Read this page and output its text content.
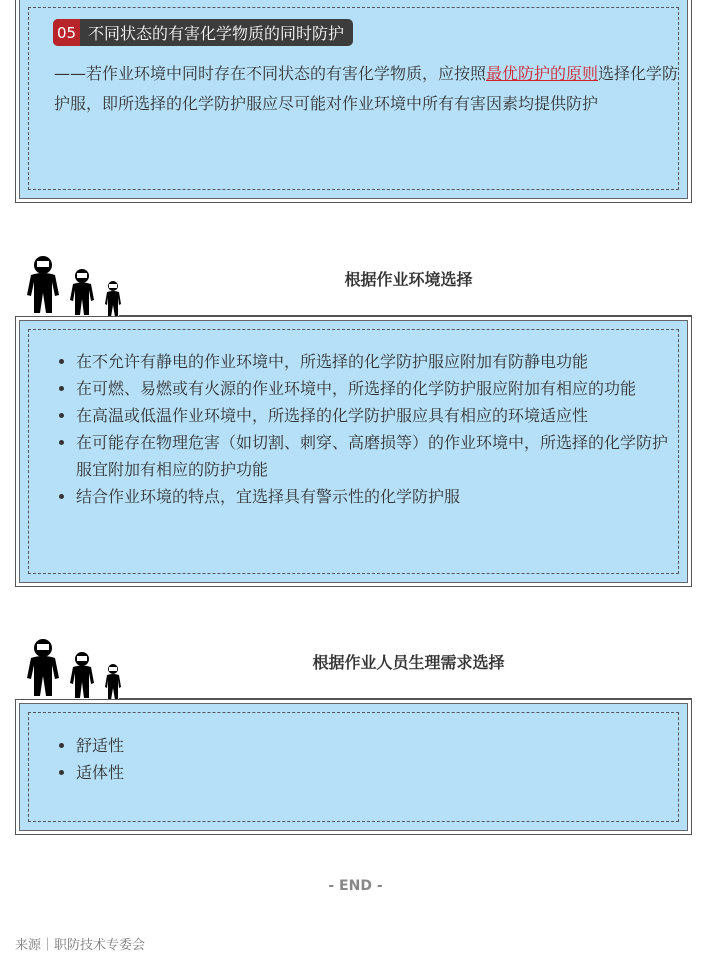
05 不同状态的有害化学物质的同时防护
——若作业环境中同时存在不同状态的有害化学物质，应按照最优防护的原则选择化学防护服，即所选择的化学防护服应尽可能对作业环境中所有有害因素均提供防护
根据作业环境选择
• 在不允许有静电的作业环境中，所选择的化学防护服应附加有防静电功能
• 在可燃、易燃或有火源的作业环境中，所选择的化学防护服应附加有相应的功能
• 在高温或低温作业环境中，所选择的化学防护服应具有相应的环境适应性
• 在可能存在物理危害（如切割、刺穿、高磨损等）的作业环境中，所选择的化学防护服宜附加有相应的防护功能
• 结合作业环境的特点，宜选择具有警示性的化学防护服
根据作业人员生理需求选择
• 舒适性
• 适体性
- END -
来源｜职防技术专委会
